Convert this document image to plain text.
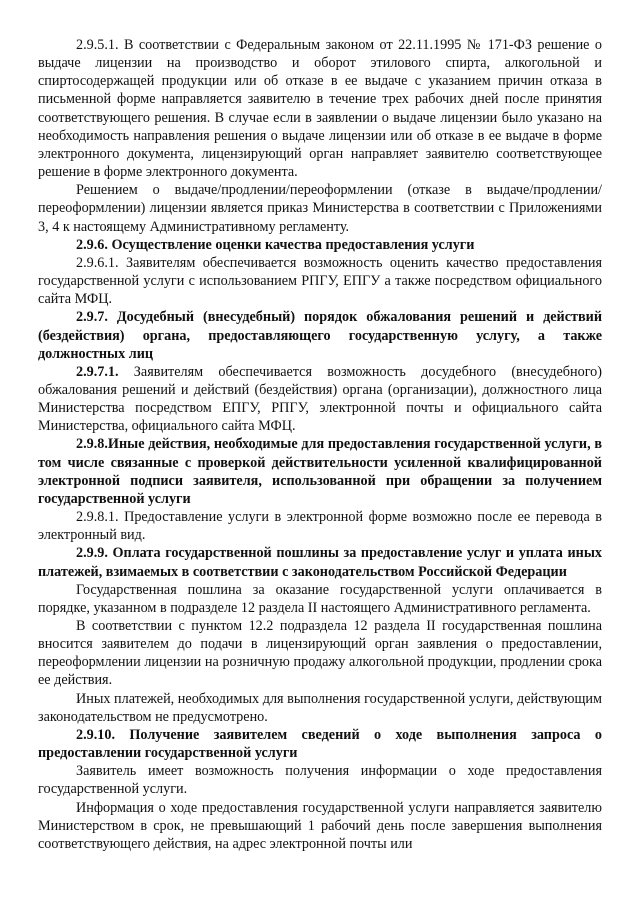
2.9.5.1. В соответствии с Федеральным законом от 22.11.1995 № 171-ФЗ решение о выдаче лицензии на производство и оборот этилового спирта, алкогольной и спиртосодержащей продукции или об отказе в ее выдаче с указанием причин отказа в письменной форме направляется заявителю в течение трех рабочих дней после принятия соответствующего решения. В случае если в заявлении о выдаче лицензии было указано на необходимость направления решения о выдаче лицензии или об отказе в ее выдаче в форме электронного документа, лицензирующий орган направляет заявителю соответствующее решение в форме электронного документа.

Решением о выдаче/продлении/переоформлении (отказе в выдаче/продлении/переоформлении) лицензии является приказ Министерства в соответствии с Приложениями 3, 4 к настоящему Административному регламенту.

2.9.6. Осуществление оценки качества предоставления услуги

2.9.6.1. Заявителям обеспечивается возможность оценить качество предоставления государственной услуги с использованием РПГУ, ЕПГУ а также посредством официального сайта МФЦ.

2.9.7. Досудебный (внесудебный) порядок обжалования решений и действий (бездействия) органа, предоставляющего государственную услугу, а также должностных лиц

2.9.7.1. Заявителям обеспечивается возможность досудебного (внесудебного) обжалования решений и действий (бездействия) органа (организации), должностного лица Министерства посредством ЕПГУ, РПГУ, электронной почты и официального сайта Министерства, официального сайта МФЦ.

2.9.8.Иные действия, необходимые для предоставления государственной услуги, в том числе связанные с проверкой действительности усиленной квалифицированной электронной подписи заявителя, использованной при обращении за получением государственной услуги

2.9.8.1. Предоставление услуги в электронной форме возможно после ее перевода в электронный вид.

2.9.9. Оплата государственной пошлины за предоставление услуг и уплата иных платежей, взимаемых в соответствии с законодательством Российской Федерации

Государственная пошлина за оказание государственной услуги оплачивается в порядке, указанном в подразделе 12 раздела II настоящего Административного регламента.

В соответствии с пунктом 12.2 подраздела 12 раздела II государственная пошлина вносится заявителем до подачи в лицензирующий орган заявления о предоставлении, переоформлении лицензии на розничную продажу алкогольной продукции, продлении срока ее действия.

Иных платежей, необходимых для выполнения государственной услуги, действующим законодательством не предусмотрено.

2.9.10. Получение заявителем сведений о ходе выполнения запроса о предоставлении государственной услуги

Заявитель имеет возможность получения информации о ходе предоставления государственной услуги.

Информация о ходе предоставления государственной услуги направляется заявителю Министерством в срок, не превышающий 1 рабочий день после завершения выполнения соответствующего действия, на адрес электронной почты или
